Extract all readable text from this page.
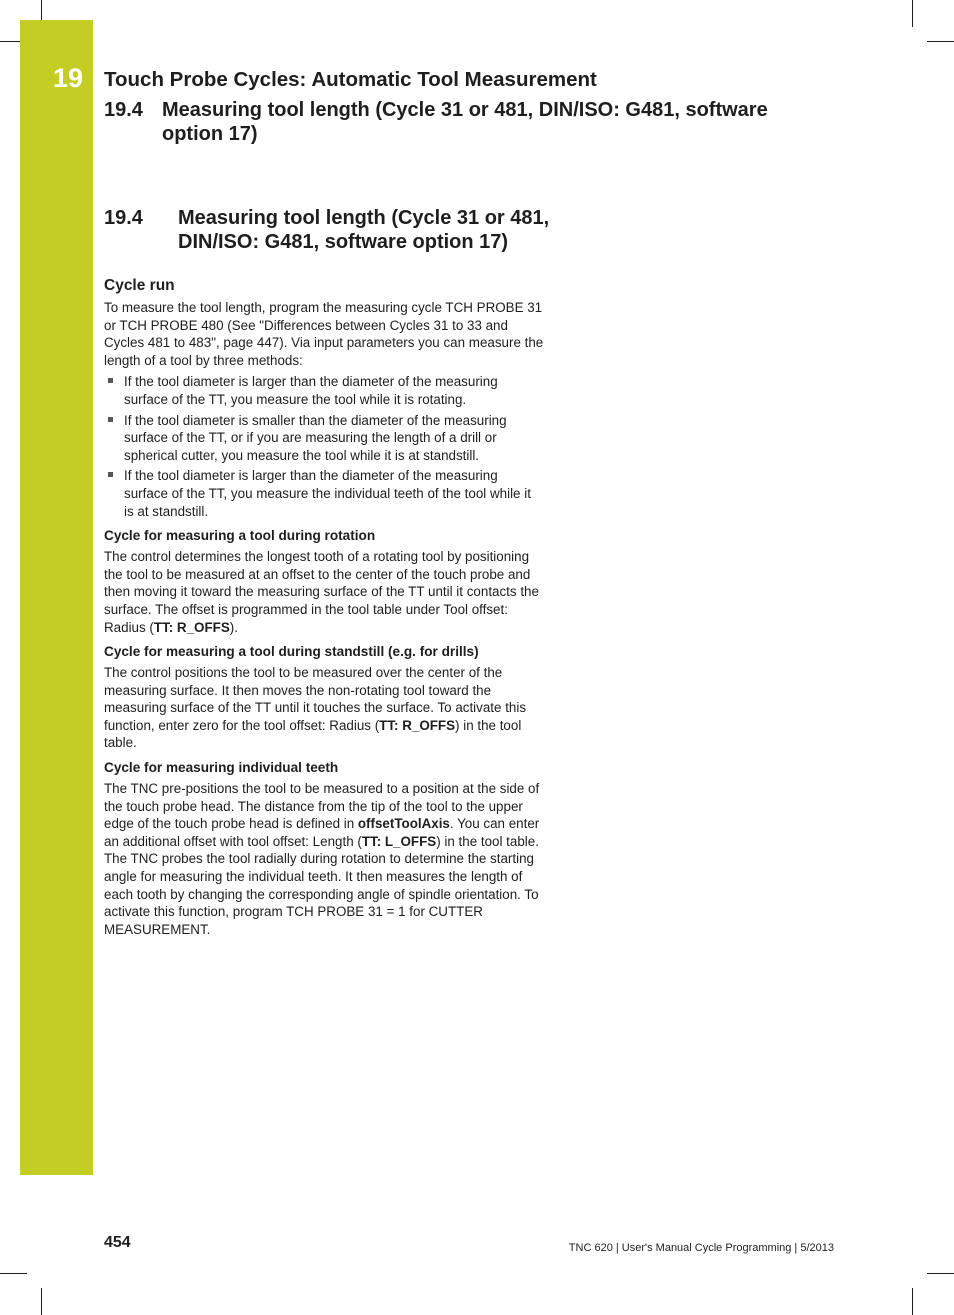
19 Touch Probe Cycles: Automatic Tool Measurement
19.4 Measuring tool length (Cycle 31 or 481, DIN/ISO: G481, software option 17)
19.4	Measuring tool length (Cycle 31 or 481,
DIN/ISO: G481, software option 17)
Cycle run

To measure the tool length, program the measuring cycle TCH PROBE 31 or TCH PROBE 480 (See "Differences between Cycles 31 to 33 and Cycles 481 to 483", page 447). Via input parameters you can measure the length of a tool by three methods:

If the tool diameter is larger than the diameter of the measuring surface of the TT, you measure the tool while it is rotating.
If the tool diameter is smaller than the diameter of the measuring surface of the TT, or if you are measuring the length of a drill or spherical cutter, you measure the tool while it is at standstill.
If the tool diameter is larger than the diameter of the measuring surface of the TT, you measure the individual teeth of the tool while it is at standstill.
Cycle for measuring a tool during rotation

The control determines the longest tooth of a rotating tool by positioning the tool to be measured at an offset to the center of the touch probe and then moving it toward the measuring surface of the TT until it contacts the surface. The offset is programmed in the tool table under Tool offset: Radius (TT: R_OFFS).

Cycle for measuring a tool during standstill (e.g. for drills)

The control positions the tool to be measured over the center of the measuring surface. It then moves the non-rotating tool toward the measuring surface of the TT until it touches the surface. To activate this function, enter zero for the tool offset: Radius (TT: R_OFFS) in the tool table.

Cycle for measuring individual teeth

The TNC pre-positions the tool to be measured to a position at the side of the touch probe head. The distance from the tip of the tool to the upper edge of the touch probe head is defined in offsetToolAxis. You can enter an additional offset with tool offset: Length (TT: L_OFFS) in the tool table. The TNC probes the tool radially during rotation to determine the starting angle for measuring the individual teeth. It then measures the length of each tooth by changing the corresponding angle of spindle orientation. To activate this function, program TCH PROBE 31 = 1 for CUTTER MEASUREMENT.

454	TNC 620 | User's Manual Cycle Programming | 5/2013
